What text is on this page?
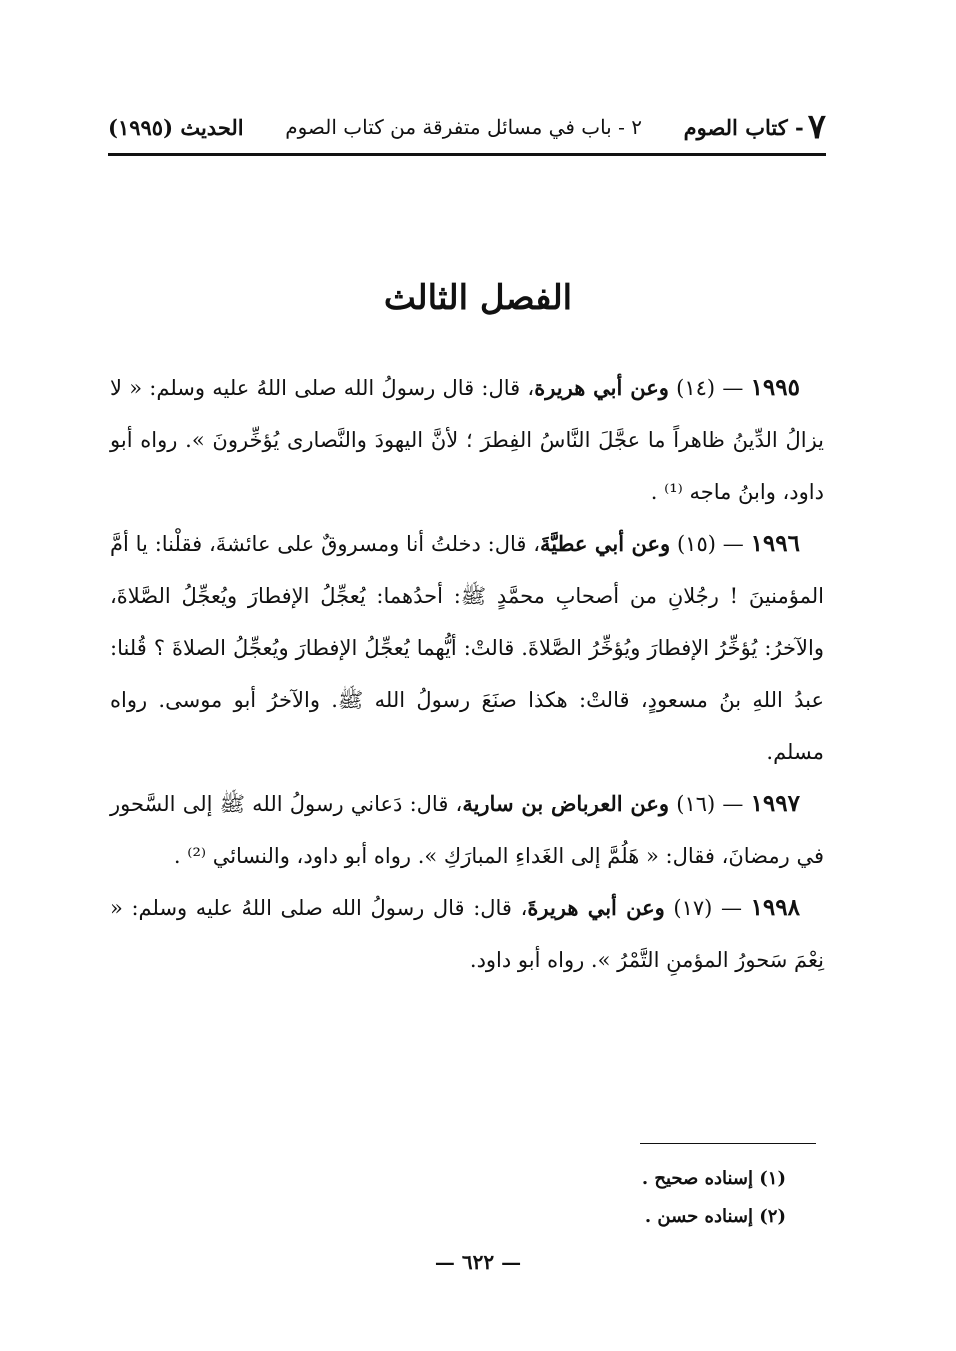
٧
- كتاب الصوم
٢ - باب في مسائل متفرقة من كتاب الصوم
الحديث (١٩٩٥)
الفصل الثالث

١٩٩٥ — (١٤) وعن أبي هريرة، قال: قال رسولُ الله صلى اللهُ عليه وسلم: « لا يزالُ الدِّينُ ظاهراً ما عجَّلَ النَّاسُ الفِطرَ ؛ لأنَّ اليهودَ والنَّصارى يُؤخِّرونَ ». رواه أبو داود، وابنُ ماجه ⁽¹⁾ .

١٩٩٦ — (١٥) وعن أبي عطيَّةَ، قال: دخلتُ أنا ومسروقٌ على عائشةَ، فقلْنا: يا أمَّ المؤمنينَ ! رجُلانِ من أصحابِ محمَّدٍ ﷺ: أحدُهما: يُعجِّلُ الإفطارَ ويُعجِّلُ الصَّلاةَ، والآخرُ: يُؤخِّرُ الإفطارَ ويُؤخِّرُ الصَّلاةَ. قالتْ: أيُّهما يُعجِّلُ الإفطارَ ويُعجِّلُ الصلاةَ ؟ قُلنا: عبدُ اللهِ بنُ مسعودٍ، قالتْ: هكذا صنَعَ رسولُ الله ﷺ. والآخرُ أبو موسى. رواه مسلم.

١٩٩٧ — (١٦) وعن العرباض بن سارية، قال: دَعاني رسولُ الله ﷺ إلى السَّحور في رمضانَ، فقال: « هَلُمَّ إلى الغَداءِ المبارَكِ ». رواه أبو داود، والنسائي ⁽²⁾ .

١٩٩٨ — (١٧) وعن أبي هريرةَ، قال: قال رسولُ الله صلى اللهُ عليه وسلم: « نِعْمَ سَحورُ المؤمنِ التَّمْرُ ». رواه أبو داود.

(١) إسناده صحيح .

(٢) إسناده حسن .

— ٦٢٢ —
